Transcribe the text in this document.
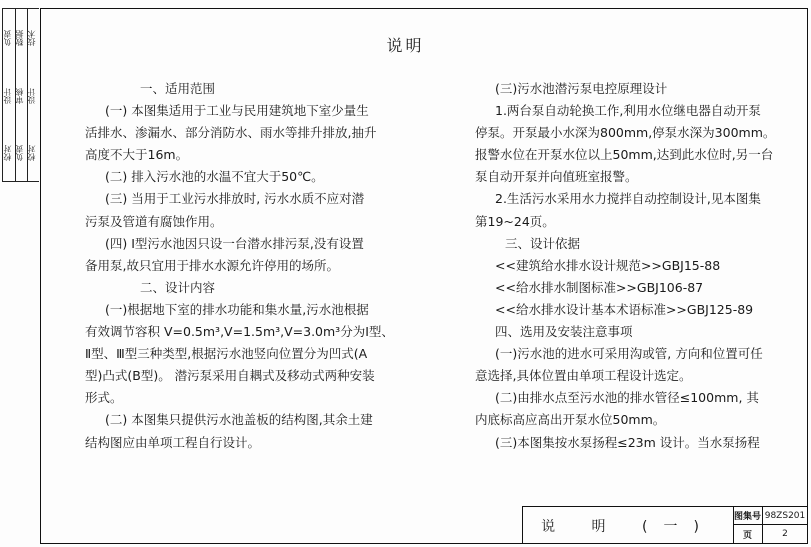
负责
设计
校对
数据
审核
负责
技术
设计
校对
说明
一、适用范围
(一) 本图集适用于工业与民用建筑地下室少量生
活排水、渗漏水、部分消防水、雨水等排升排放,抽升
高度不大于16m。
(二) 排入污水池的水温不宜大于50℃。
(三) 当用于工业污水排放时, 污水水质不应对潜
污泵及管道有腐蚀作用。
(四) Ⅰ型污水池因只设一台潜水排污泵,没有设置
备用泵,故只宜用于排水水源允许停用的场所。
二、设计内容
(一)根据地下室的排水功能和集水量,污水池根据
有效调节容积 V=0.5m³,V=1.5m³,V=3.0m³分为Ⅰ型、
Ⅱ型、Ⅲ型三种类型,根据污水池竖向位置分为凹式(A
型)凸式(B型)。 潜污泵采用自耦式及移动式两种安装
形式。
(二) 本图集只提供污水池盖板的结构图,其余土建
结构图应由单项工程自行设计。
(三)污水池潜污泵电控原理设计
1.两台泵自动轮换工作,利用水位继电器自动开泵
停泵。开泵最小水深为800mm,停泵水深为300mm。
报警水位在开泵水位以上50mm,达到此水位时,另一台
泵自动开泵并向值班室报警。
2.生活污水采用水力搅拌自动控制设计,见本图集
第19~24页。
三、设计依据
<<建筑给水排水设计规范>>GBJ15-88
<<给水排水制图标准>>GBJ106-87
<<给水排水设计基本术语标准>>GBJ125-89
四、选用及安装注意事项
(一)污水池的进水可采用沟或管, 方向和位置可任
意选择,具体位置由单项工程设计选定。
(二)由排水点至污水池的排水管径≤100mm, 其
内底标高应高出开泵水位50mm。
(三)本图集按水泵扬程≤23m 设计。当水泵扬程
说 明 (一)
图集号 98ZS201
页	2
